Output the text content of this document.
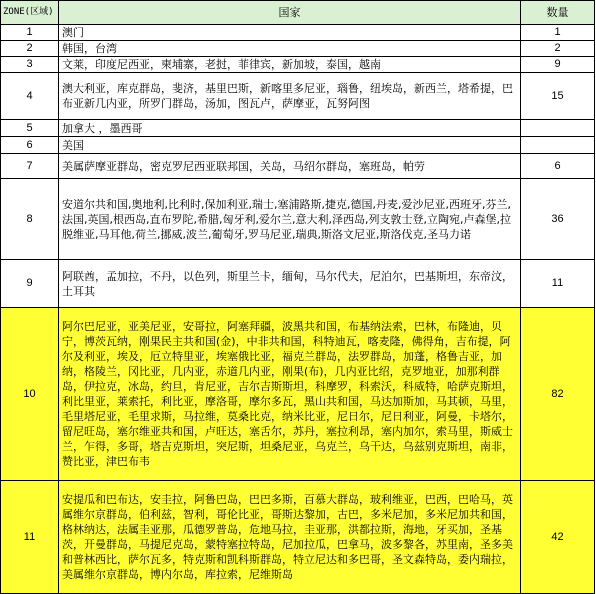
ZONE(区域)	国家	数量
1	澳门	1
2	韩国，台湾	2
3	文莱，印度尼西亚，柬埔寨，老挝，菲律宾，新加坡，泰国，越南	9
4	澳大利亚，库克群岛，斐济，基里巴斯，新喀里多尼亚，瑙鲁，纽埃岛，新西兰，塔希提，巴布亚新几内亚，所罗门群岛，汤加，图瓦卢，萨摩亚，瓦努阿图	15
5	加拿大 ，墨西哥	
6	美国	
7	美属萨摩亚群岛，密克罗尼西亚联邦国，关岛，马绍尔群岛，塞班岛，帕劳	6
8	安道尔共和国,奥地利,比利时,保加利亚,瑞士,塞浦路斯,捷克,德国,丹麦,爱沙尼亚,西班牙,芬兰,法国,英国,根西岛,直布罗陀,希腊,匈牙利,爱尔兰,意大利,泽西岛,列支敦士登,立陶宛,卢森堡,拉脱维亚,马耳他,荷兰,挪威,波兰,葡萄牙,罗马尼亚,瑞典,斯洛文尼亚,斯洛伐克,圣马力诺	36
9	阿联酋，孟加拉，不丹，以色列，斯里兰卡，缅甸，马尔代夫，尼泊尔，巴基斯坦，东帝汶，土耳其	11
10	阿尔巴尼亚，亚美尼亚，安哥拉，阿塞拜疆，波黑共和国，布基纳法索，巴林，布隆迪，贝宁，博茨瓦纳，刚果民主共和国(金)，中非共和国，科特迪瓦，喀麦隆，佛得角，吉布提，阿尔及利亚，埃及，厄立特里亚，埃塞俄比亚，福克兰群岛，法罗群岛，加蓬，格鲁吉亚，加纳，格陵兰，冈比亚，几内亚，赤道几内亚，刚果(布)，几内亚比绍，克罗地亚，加那利群岛，伊拉克，冰岛，约旦，肯尼亚，吉尔吉斯斯坦，科摩罗，科索沃，科威特，哈萨克斯坦，利比里亚，莱索托，利比亚，摩洛哥，摩尔多瓦，黑山共和国，马达加斯加，马其顿，马里，毛里塔尼亚，毛里求斯，马拉维，莫桑比克，纳米比亚，尼日尔，尼日利亚，阿曼，卡塔尔，留尼旺岛，塞尔维亚共和国，卢旺达，塞舌尔，苏丹，塞拉利昂，塞内加尔，索马里，斯威士兰，乍得，多哥，塔吉克斯坦，突尼斯，坦桑尼亚，乌克兰，乌干达，乌兹别克斯坦，南非，赞比亚，津巴布韦	82
11	安提瓜和巴布达，安圭拉，阿鲁巴岛，巴巴多斯，百慕大群岛，玻利维亚，巴西，巴哈马，英属维尔京群岛，伯利兹，智利，哥伦比亚，哥斯达黎加，古巴，多米尼加，多米尼加共和国，格林纳达，法属圭亚那，瓜德罗普岛，危地马拉，圭亚那，洪都拉斯，海地，牙买加，圣基茨，开曼群岛，马提尼克岛，蒙特塞拉特岛，尼加拉瓜，巴拿马，波多黎各，苏里南，圣多美和普林西比，萨尔瓦多，特克斯和凯科斯群岛，特立尼达和多巴哥，圣文森特岛，委内瑞拉，美属维尔京群岛，博内尔岛，库拉索，尼维斯岛	42
